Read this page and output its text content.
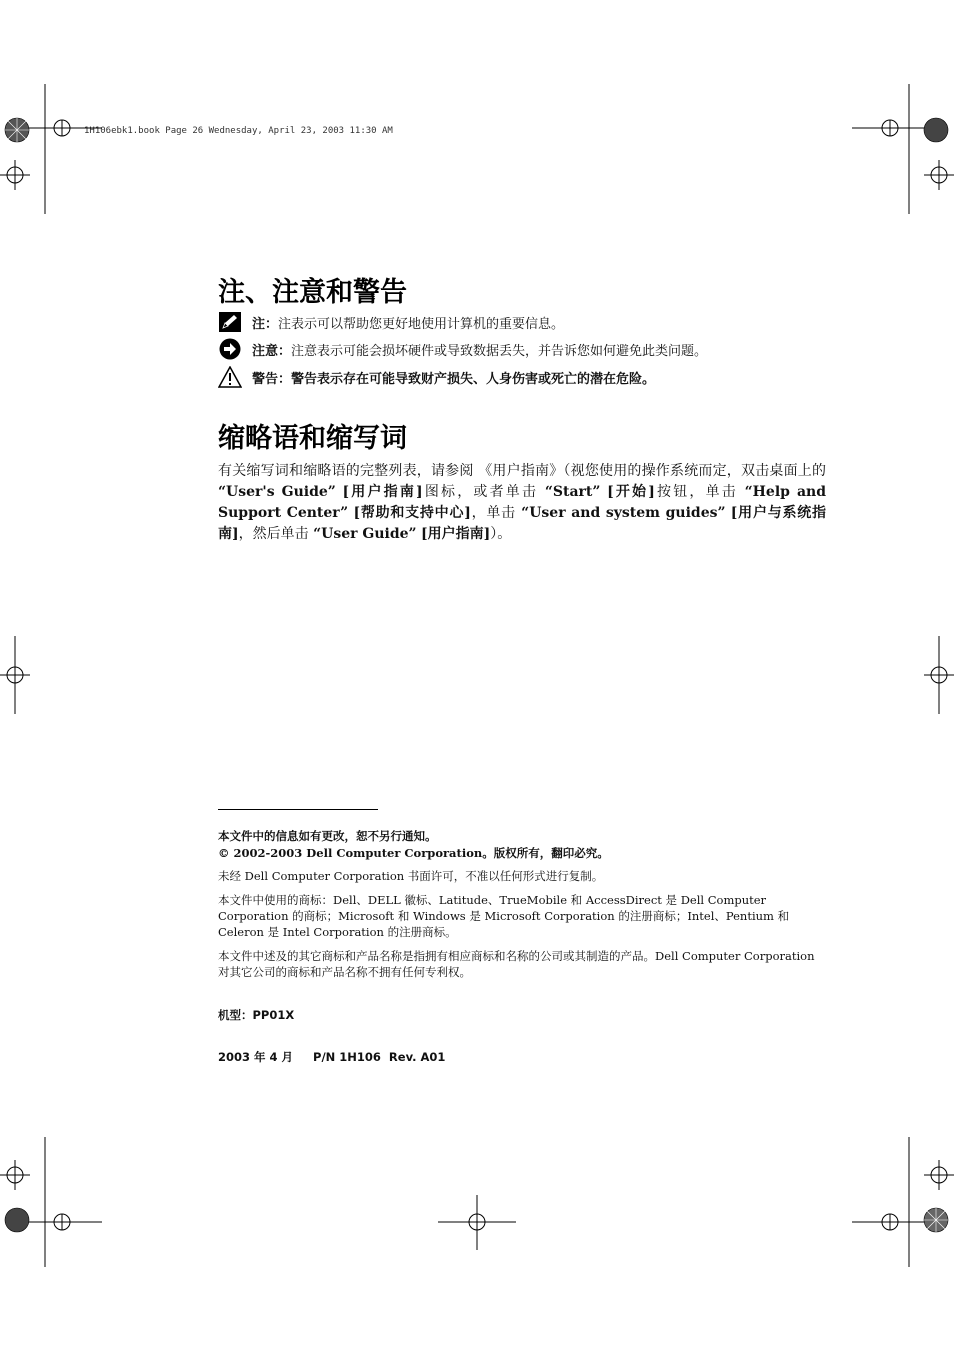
1H106ebk1.book Page 26 Wednesday, April 23, 2003 11:30 AM
注、注意和警告
注： 注表示可以帮助您更好地使用计算机的重要信息。
注意： 注意表示可能会损坏硬件或导致数据丢失，并告诉您如何避免此类问题。
警告： 警告表示存在可能导致财产损失、人身伤害或死亡的潜在危险。
缩略语和缩写词
有关缩写词和缩略语的完整列表，请参阅 《用户指南》（视您使用的操作系统而定，双击桌面上的 “User's Guide” [用户指南]图标，或者单击 “Start” [开始]按钮，单击 “Help and Support Center” [帮助和支持中心]，单击 “User and system guides” [用户与系统指南]，然后单击 “User Guide” [用户指南]）。
本文件中的信息如有更改，恕不另行通知。
© 2002-2003 Dell Computer Corporation。版权所有，翻印必究。
未经 Dell Computer Corporation 书面许可，不准以任何形式进行复制。
本文件中使用的商标：Dell、DELL 徽标、Latitude、TrueMobile 和 AccessDirect 是 Dell Computer Corporation 的商标；Microsoft 和 Windows 是 Microsoft Corporation 的注册商标；Intel、Pentium 和 Celeron 是 Intel Corporation 的注册商标。
本文件中述及的其它商标和产品名称是指拥有相应商标和名称的公司或其制造的产品。Dell Computer Corporation 对其它公司的商标和产品名称不拥有任何专利权。
机型：PP01X
2003 年 4 月     P/N 1H106  Rev. A01
